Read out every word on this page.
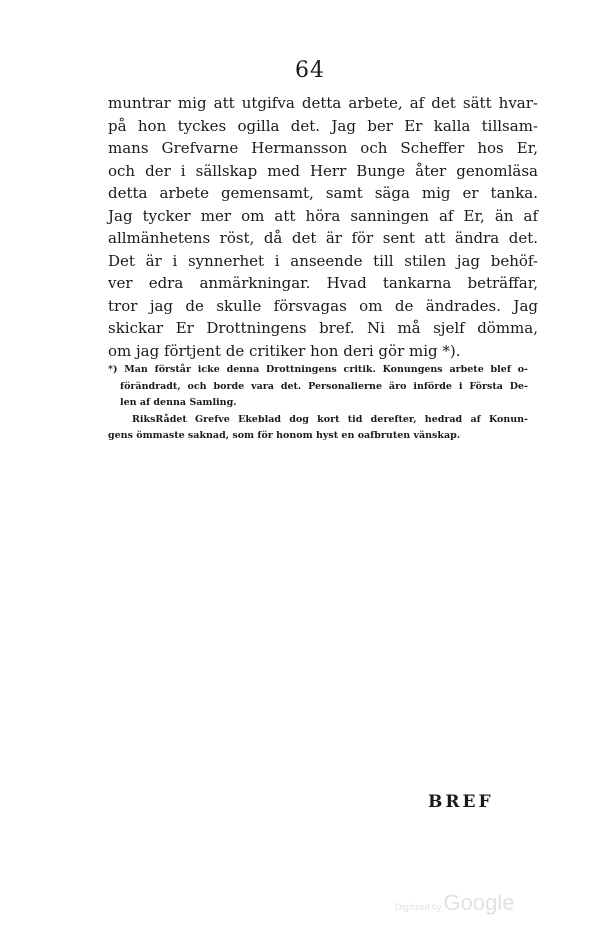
64
muntrar mig att utgifva detta arbete, af det sätt hvar-
på hon tyckes ogilla det. Jag ber Er kalla tillsam-
mans Grefvarne Hermansson och Scheffer hos Er,
och der i sällskap med Herr Bunge åter genomläsa
detta arbete gemensamt, samt säga mig er tanka.
Jag tycker mer om att höra sanningen af Er, än af
allmänhetens röst, då det är för sent att ändra det.
Det är i synnerhet i anseende till stilen jag behöf-
ver edra anmärkningar. Hvad tankarna beträffar,
tror jag de skulle försvagas om de ändrades. Jag
skickar Er Drottningens bref. Ni må sjelf dömma,
om jag förtjent de critiker hon deri gör mig *).
*) Man förstår icke denna Drottningens critik. Konungens arbete blef o-
förändradt, och borde vara det. Personalierne äro införde i Första De-
len af denna Samling.
RiksRådet Grefve Ekeblad dog kort tid derefter, hedrad af Konun-
gens ömmaste saknad, som för honom hyst en oafbruten vänskap.
BREF
Digitized byGoogle
